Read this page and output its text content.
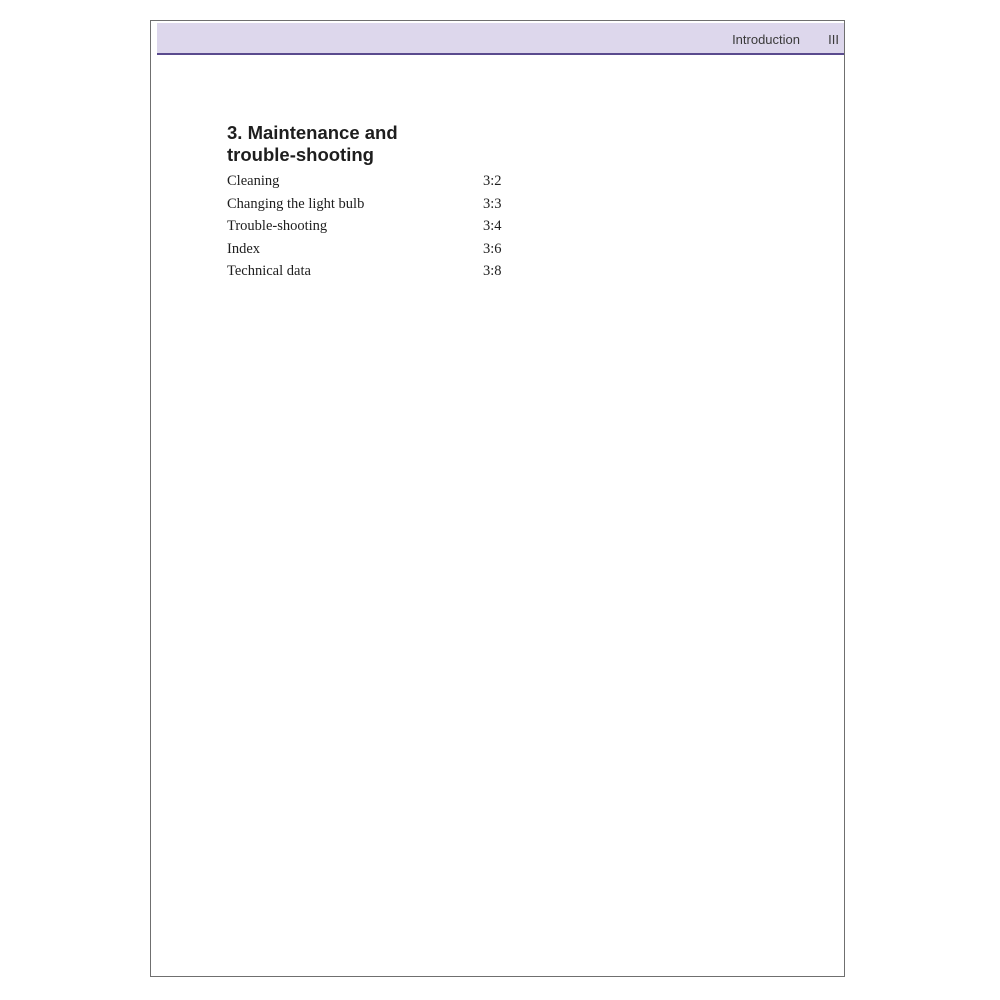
Introduction III
3. Maintenance and
trouble-shooting
Cleaning	3:2
Changing the light bulb	3:3
Trouble-shooting	3:4
Index	3:6
Technical data	3:8
